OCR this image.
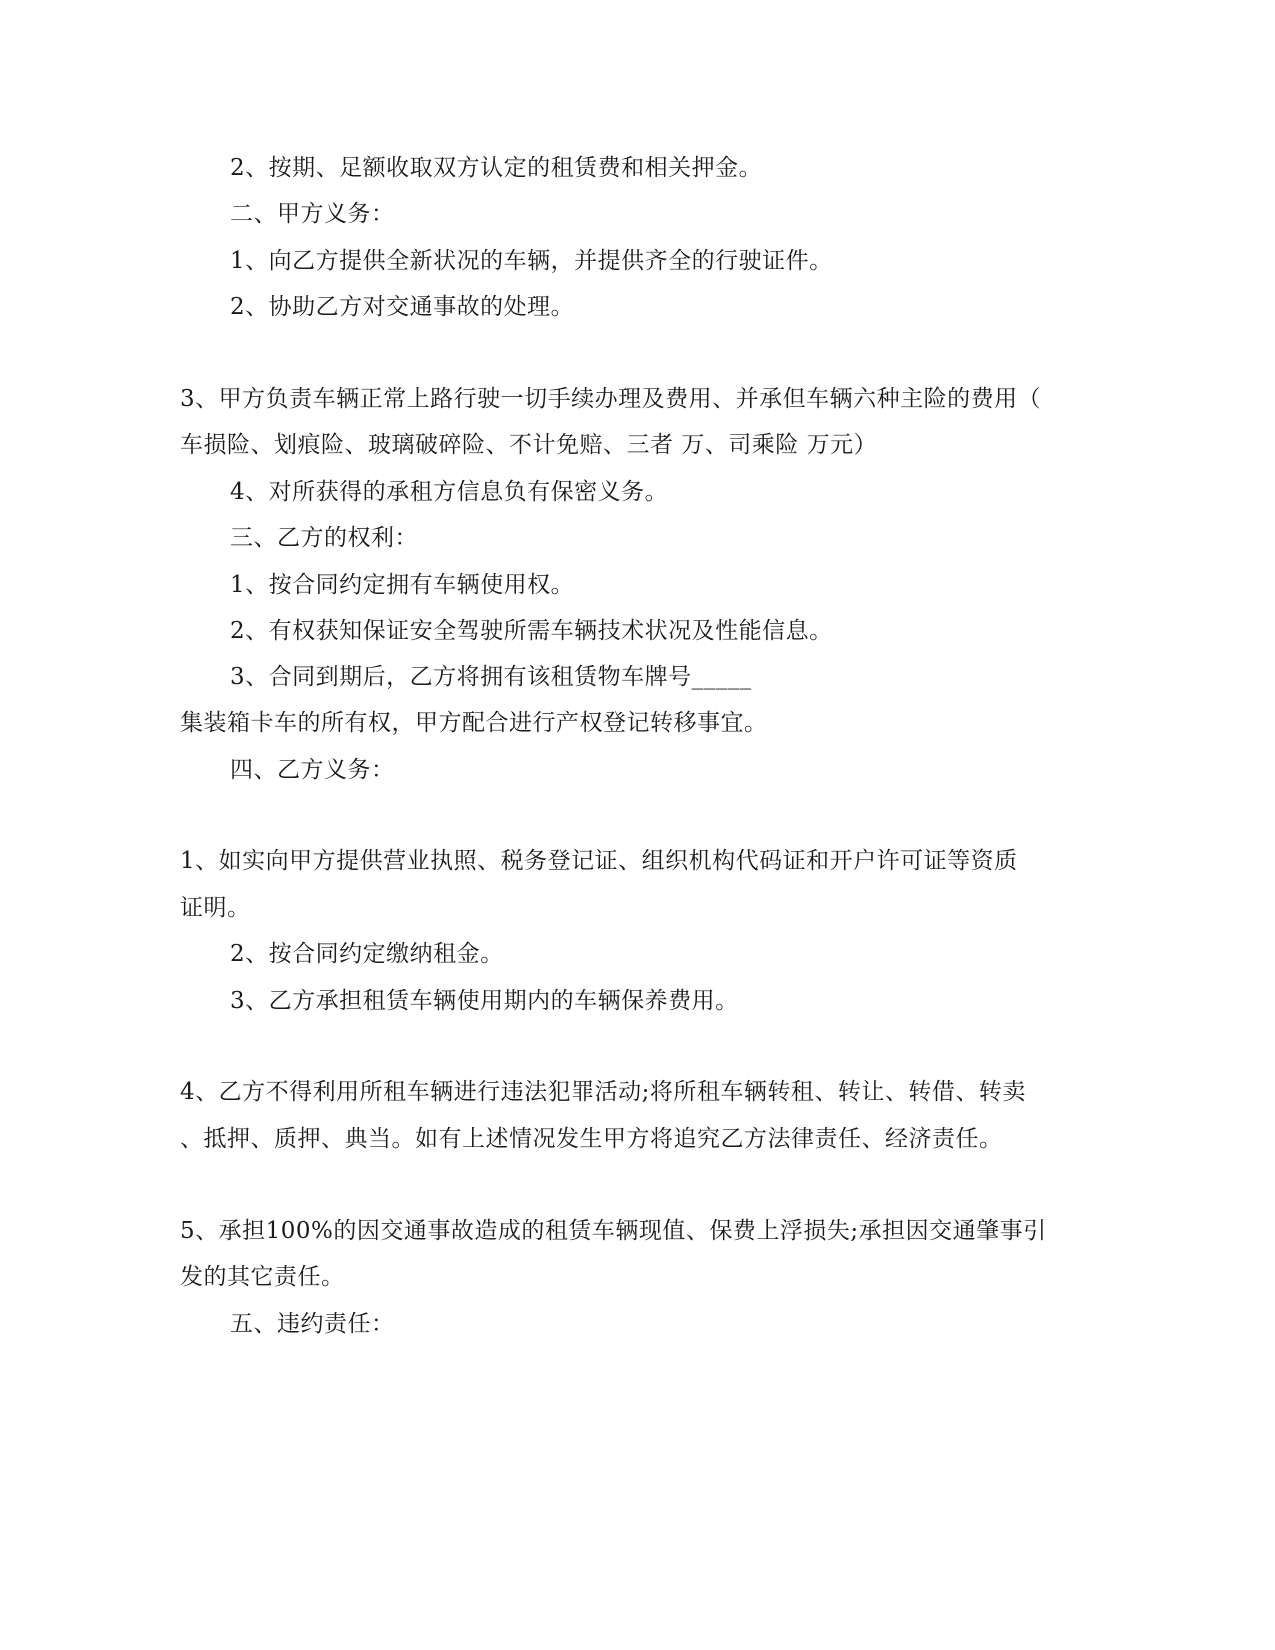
2、按期、足额收取双方认定的租赁费和相关押金。
二、甲方义务：
1、向乙方提供全新状况的车辆，并提供齐全的行驶证件。
2、协助乙方对交通事故的处理。
3、甲方负责车辆正常上路行驶一切手续办理及费用、并承但车辆六种主险的费用（
车损险、划痕险、玻璃破碎险、不计免赔、三者 万、司乘险 万元）
4、对所获得的承租方信息负有保密义务。
三、乙方的权利：
1、按合同约定拥有车辆使用权。
2、有权获知保证安全驾驶所需车辆技术状况及性能信息。
3、合同到期后，乙方将拥有该租赁物车牌号_____
集装箱卡车的所有权，甲方配合进行产权登记转移事宜。
四、乙方义务：
1、如实向甲方提供营业执照、税务登记证、组织机构代码证和开户许可证等资质
证明。
2、按合同约定缴纳租金。
3、乙方承担租赁车辆使用期内的车辆保养费用。
4、乙方不得利用所租车辆进行违法犯罪活动;将所租车辆转租、转让、转借、转卖
、抵押、质押、典当。如有上述情况发生甲方将追究乙方法律责任、经济责任。
5、承担100%的因交通事故造成的租赁车辆现值、保费上浮损失;承担因交通肇事引
发的其它责任。
五、违约责任：
